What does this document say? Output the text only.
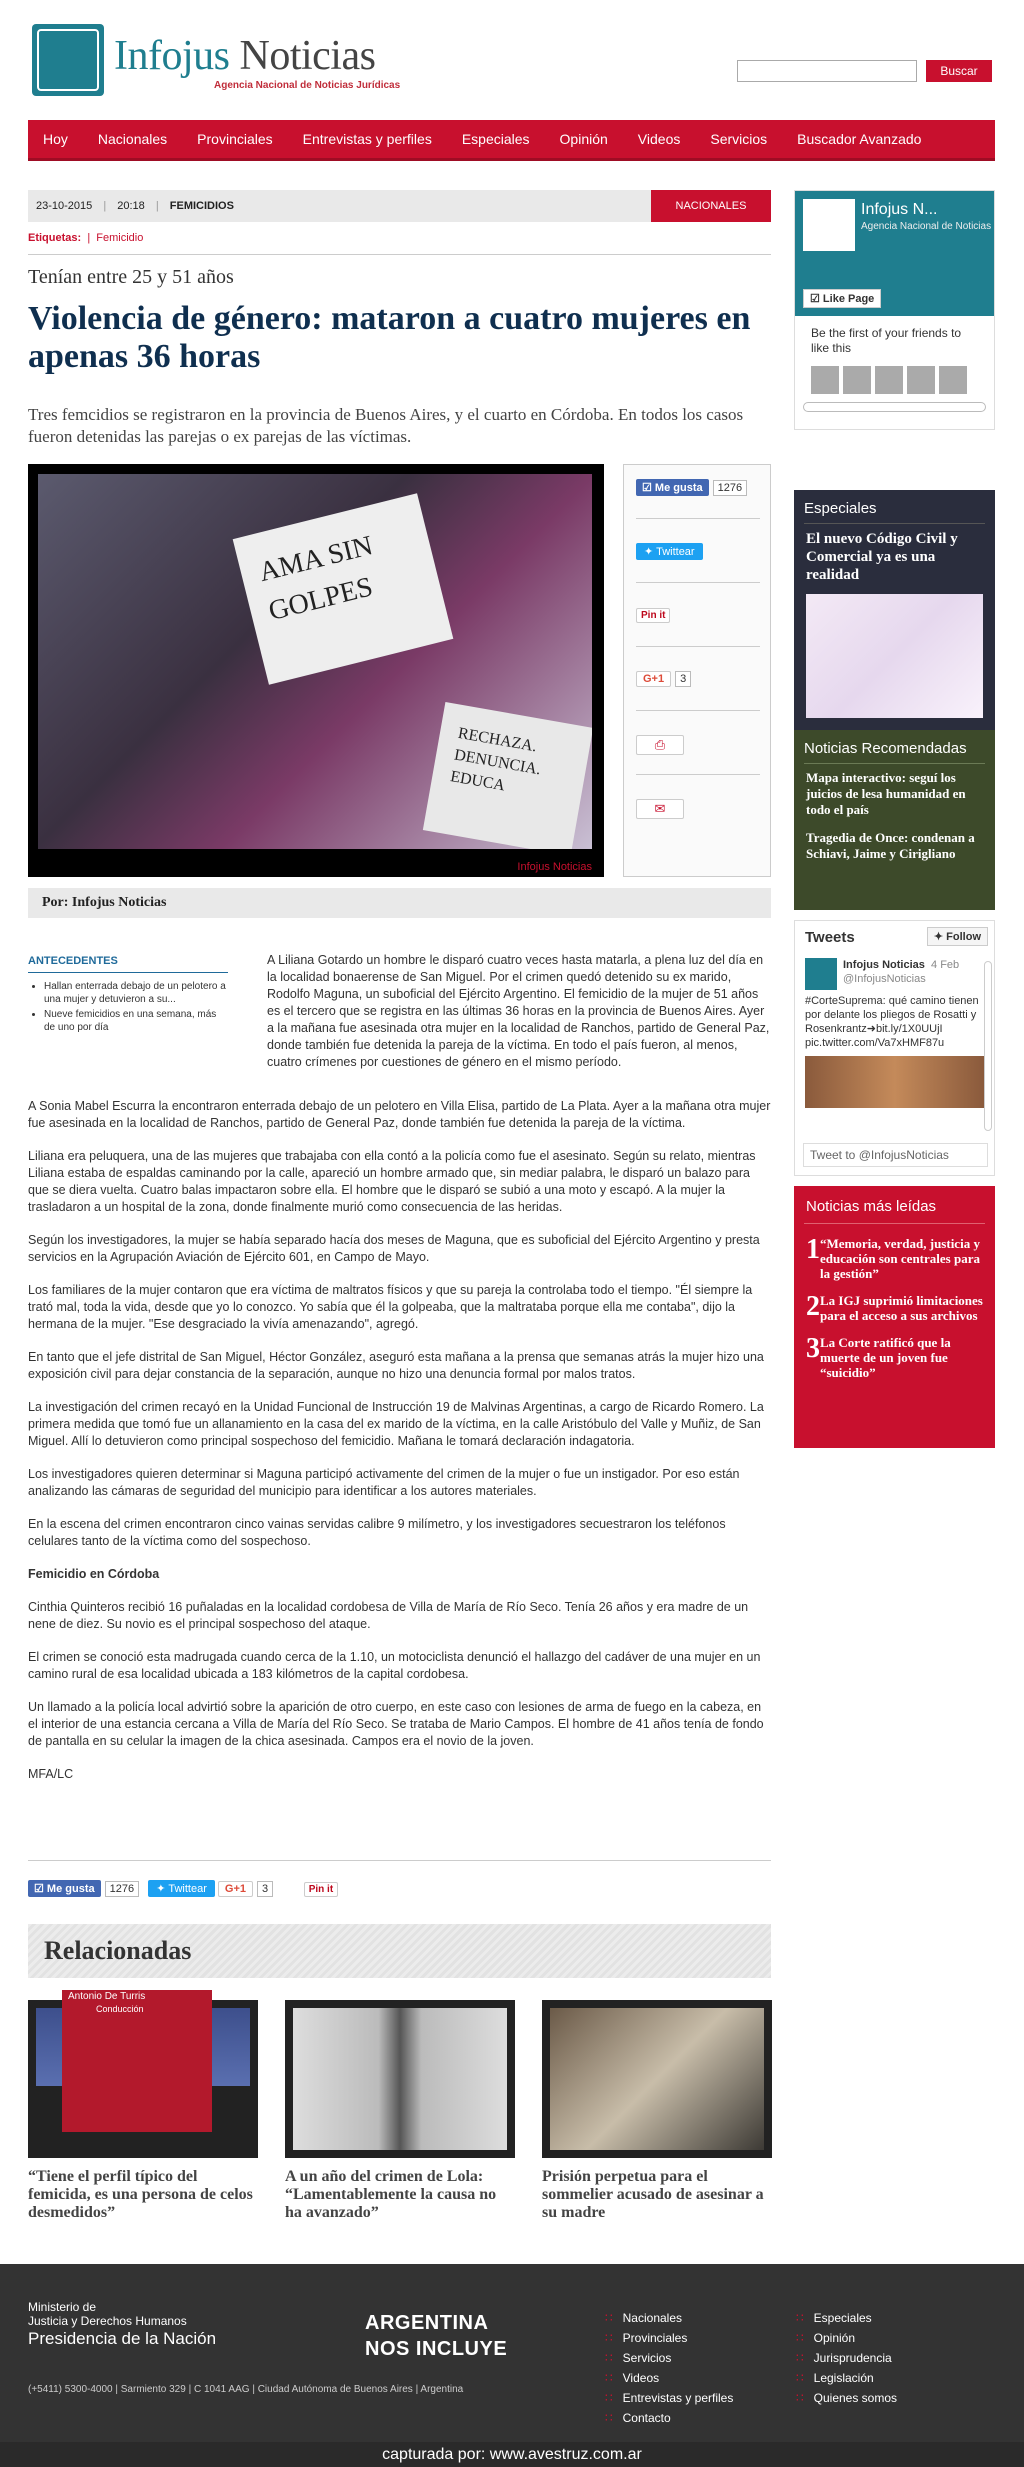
Infojus Noticias
Agencia Nacional de Noticias Jurídicas
Buscar
Hoy	Nacionales	Provinciales	Entrevistas y perfiles	Especiales	Opinión	Videos	Servicios	Buscador Avanzado
23-10-2015 | 20:18 | FEMICIDIOS	NACIONALES
Etiquetas: | Femicidio
Tenían entre 25 y 51 años
Violencia de género: mataron a cuatro mujeres en apenas 36 horas
Tres femcidios se registraron en la provincia de Buenos Aires, y el cuarto en Córdoba. En todos los casos fueron detenidas las parejas o ex parejas de las víctimas.
AMA SIN GOLPES
RECHAZA. DENUNCIA. EDUCA
Infojus Noticias
☑ Me gusta 1276
✦ Twittear
Pin it
G+1 3
⎙
✉
Por: Infojus Noticias
ANTECEDENTES
• Hallan enterrada debajo de un pelotero a una mujer y detuvieron a su...
• Nueve femicidios en una semana, más de uno por día

A Liliana Gotardo un hombre le disparó cuatro veces hasta matarla, a plena luz del día en la localidad bonaerense de San Miguel. Por el crimen quedó detenido su ex marido, Rodolfo Maguna, un suboficial del Ejército Argentino. El femicidio de la mujer de 51 años es el tercero que se registra en las últimas 36 horas en la provincia de Buenos Aires. Ayer a la mañana fue asesinada otra mujer en la localidad de Ranchos, partido de General Paz, donde también fue detenida la pareja de la víctima. En todo el país fueron, al menos, cuatro crímenes por cuestiones de género en el mismo período.

A Sonia Mabel Escurra la encontraron enterrada debajo de un pelotero en Villa Elisa, partido de La Plata. Ayer a la mañana otra mujer fue asesinada en la localidad de Ranchos, partido de General Paz, donde también fue detenida la pareja de la víctima.

Liliana era peluquera, una de las mujeres que trabajaba con ella contó a la policía como fue el asesinato. Según su relato, mientras Liliana estaba de espaldas caminando por la calle, apareció un hombre armado que, sin mediar palabra, le disparó un balazo para que se diera vuelta. Cuatro balas impactaron sobre ella. El hombre que le disparó se subió a una moto y escapó. A la mujer la trasladaron a un hospital de la zona, donde finalmente murió como consecuencia de las heridas.

Según los investigadores, la mujer se había separado hacía dos meses de Maguna, que es suboficial del Ejército Argentino y presta servicios en la Agrupación Aviación de Ejército 601, en Campo de Mayo.

Los familiares de la mujer contaron que era víctima de maltratos físicos y que su pareja la controlaba todo el tiempo. "Él siempre la trató mal, toda la vida, desde que yo lo conozco. Yo sabía que él la golpeaba, que la maltrataba porque ella me contaba", dijo la hermana de la mujer. "Ese desgraciado la vivía amenazando", agregó.

En tanto que el jefe distrital de San Miguel, Héctor González, aseguró esta mañana a la prensa que semanas atrás la mujer hizo una exposición civil para dejar constancia de la separación, aunque no hizo una denuncia formal por malos tratos.

La investigación del crimen recayó en la Unidad Funcional de Instrucción 19 de Malvinas Argentinas, a cargo de Ricardo Romero. La primera medida que tomó fue un allanamiento en la casa del ex marido de la víctima, en la calle Aristóbulo del Valle y Muñiz, de San Miguel. Allí lo detuvieron como principal sospechoso del femicidio. Mañana le tomará declaración indagatoria.

Los investigadores quieren determinar si Maguna participó activamente del crimen de la mujer o fue un instigador. Por eso están analizando las cámaras de seguridad del municipio para identificar a los autores materiales.

En la escena del crimen encontraron cinco vainas servidas calibre 9 milímetro, y los investigadores secuestraron los teléfonos celulares tanto de la víctima como del sospechoso.

Femicidio en Córdoba

Cinthia Quinteros recibió 16 puñaladas en la localidad cordobesa de Villa de María de Río Seco. Tenía 26 años y era madre de un nene de diez. Su novio es el principal sospechoso del ataque.

El crimen se conoció esta madrugada cuando cerca de la 1.10, un motociclista denunció el hallazgo del cadáver de una mujer en un camino rural de esa localidad ubicada a 183 kilómetros de la capital cordobesa.

Un llamado a la policía local advirtió sobre la aparición de otro cuerpo, en este caso con lesiones de arma de fuego en la cabeza, en el interior de una estancia cercana a Villa de María del Río Seco. Se trataba de Mario Campos. El hombre de 41 años tenía de fondo de pantalla en su celular la imagen de la chica asesinada. Campos era el novio de la joven.

MFA/LC

☑ Me gusta 1276 ✦ Twittear G+1 3	Pin it
Relacionadas
Antonio De Turris
Conducción
“Tiene el perfil típico del femicida, es una persona de celos desmedidos”
A un año del crimen de Lola: “Lamentablemente la causa no ha avanzado”
Prisión perpetua para el sommelier acusado de asesinar a su madre
Infojus N...
Agencia Nacional de Noticias
☑ Like Page
Be the first of your friends to like this
Especiales
El nuevo Código Civil y Comercial ya es una realidad
Noticias Recomendadas
Mapa interactivo: seguí los juicios de lesa humanidad en todo el país
Tragedia de Once: condenan a Schiavi, Jaime y Cirigliano
Tweets	✦ Follow
Infojus Noticias 4 Feb
@InfojusNoticias
#CorteSuprema: qué camino tienen por delante los pliegos de Rosatti y Rosenkrantz➜bit.ly/1X0UUjI pic.twitter.com/Va7xHMF87u
Tweet to @InfojusNoticias
Noticias más leídas
1 “Memoria, verdad, justicia y educación son centrales para la gestión”
2 La IGJ suprimió limitaciones para el acceso a sus archivos
3 La Corte ratificó que la muerte de un joven fue “suicidio”
Ministerio de
Justicia y Derechos Humanos
Presidencia de la Nación
ARGENTINA
NOS INCLUYE
(+5411) 5300-4000 | Sarmiento 329 | C 1041 AAG | Ciudad Autónoma de Buenos Aires | Argentina
∷ Nacionales
∷ Provinciales
∷ Servicios
∷ Videos
∷ Entrevistas y perfiles
∷ Contacto
∷ Especiales
∷ Opinión
∷ Jurisprudencia
∷ Legislación
∷ Quienes somos
capturada por: www.avestruz.com.ar
